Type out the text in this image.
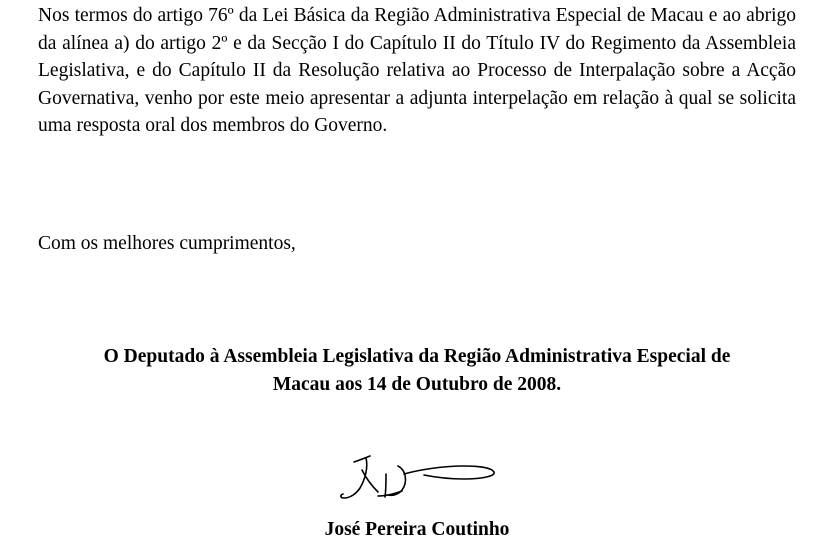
Nos termos do artigo 76º da Lei Básica da Região Administrativa Especial de Macau e ao abrigo da alínea a) do artigo 2º e da Secção I do Capítulo II do Título IV do Regimento da Assembleia Legislativa, e do Capítulo II da Resolução relativa ao Processo de Interpalação sobre a Acção Governativa, venho por este meio apresentar a adjunta interpelação em relação à qual se solicita uma resposta oral dos membros do Governo.

Com os melhores cumprimentos,

O Deputado à Assembleia Legislativa da Região Administrativa Especial de
Macau aos 14 de Outubro de 2008.

José Pereira Coutinho
